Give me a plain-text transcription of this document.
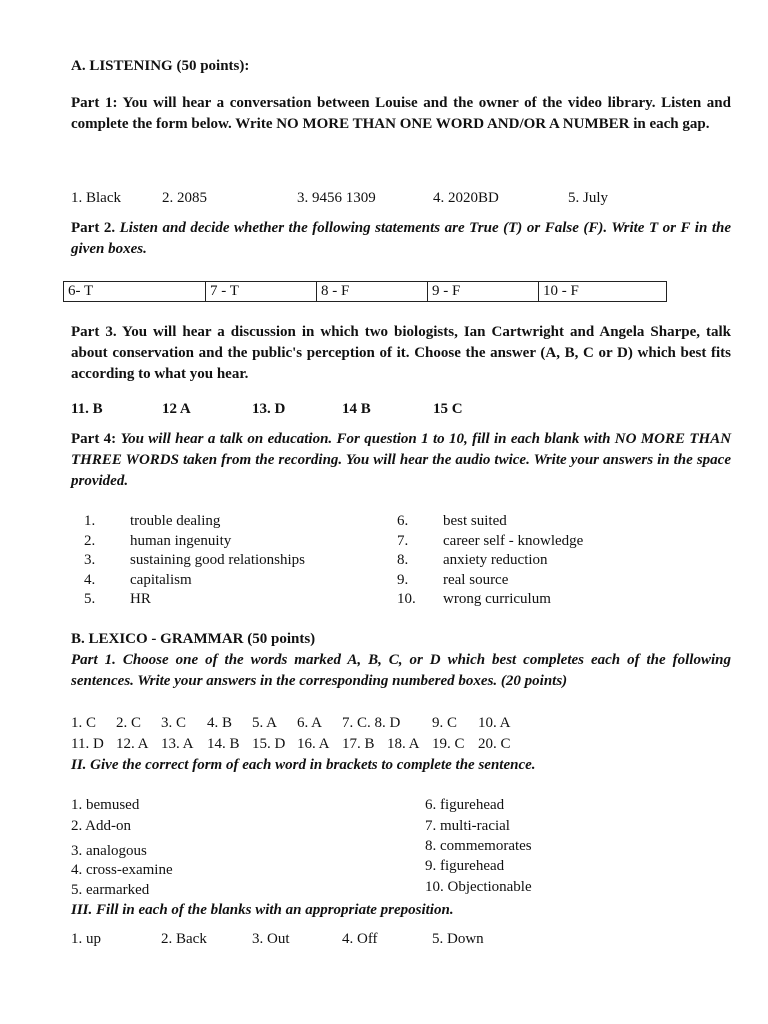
A. LISTENING (50 points):
Part 1: You will hear a conversation between Louise and the owner of the video library. Listen and complete the form below. Write NO MORE THAN ONE WORD AND/OR A NUMBER in each gap.
1. Black	2. 2085	3. 9456 1309	4. 2020BD	5. July
Part 2. Listen and decide whether the following statements are True (T) or False (F). Write T or F in the given boxes.
6- T	7 - T	8 - F	9 - F	10 - F
Part 3. You will hear a discussion in which two biologists, Ian Cartwright and Angela Sharpe, talk about conservation and the public's perception of it. Choose the answer (A, B, C or D) which best fits according to what you hear.
11. B	12 A	13. D	14 B	15 C
Part 4: You will hear a talk on education. For question 1 to 10, fill in each blank with NO MORE THAN THREE WORDS taken from the recording. You will hear the audio twice. Write your answers in the space provided.
1. trouble dealing
2. human ingenuity
3. sustaining good relationships
4. capitalism
5. HR
6. best suited
7. career self - knowledge
8. anxiety reduction
9. real source
10. wrong curriculum
B. LEXICO - GRAMMAR (50 points)
Part 1. Choose one of the words marked A, B, C, or D which best completes each of the following sentences. Write your answers in the corresponding numbered boxes. (20 points)
1. C 2. C 3. C 4. B 5. A 6. A 7. C. 8. D 9. C 10. A
11. D 12. A 13. A 14. B 15. D 16. A 17. B 18. A 19. C 20. C
II. Give the correct form of each word in brackets to complete the sentence.
1. bemused
2. Add-on
3. analogous
4. cross-examine
5. earmarked
6. figurehead
7. multi-racial
8. commemorates
9. figurehead
10. Objectionable
III. Fill in each of the blanks with an appropriate preposition.
1. up	2. Back	3. Out	4. Off	5. Down
